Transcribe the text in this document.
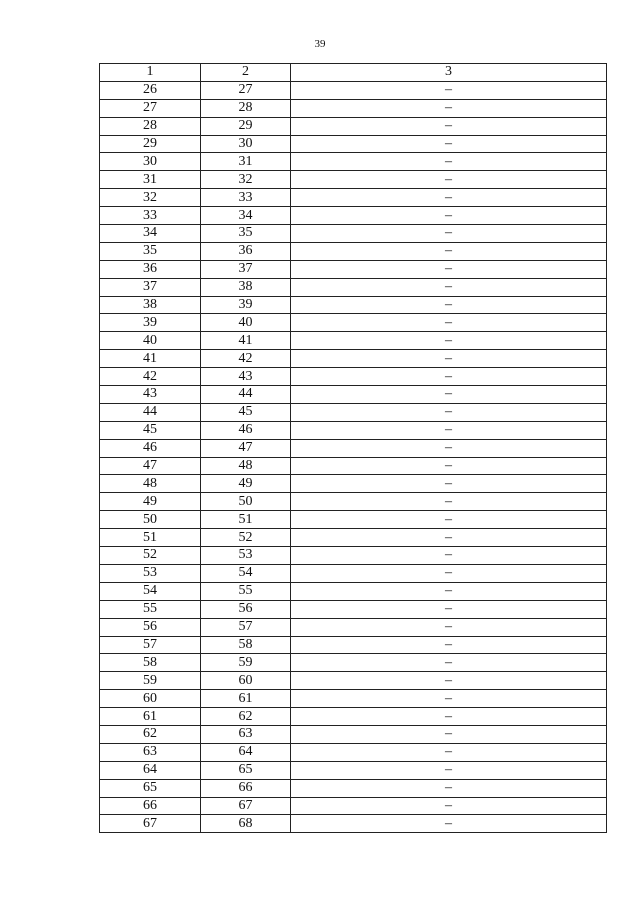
39
1	2	3
26	27	–
27	28	–
28	29	–
29	30	–
30	31	–
31	32	–
32	33	–
33	34	–
34	35	–
35	36	–
36	37	–
37	38	–
38	39	–
39	40	–
40	41	–
41	42	–
42	43	–
43	44	–
44	45	–
45	46	–
46	47	–
47	48	–
48	49	–
49	50	–
50	51	–
51	52	–
52	53	–
53	54	–
54	55	–
55	56	–
56	57	–
57	58	–
58	59	–
59	60	–
60	61	–
61	62	–
62	63	–
63	64	–
64	65	–
65	66	–
66	67	–
67	68	–
